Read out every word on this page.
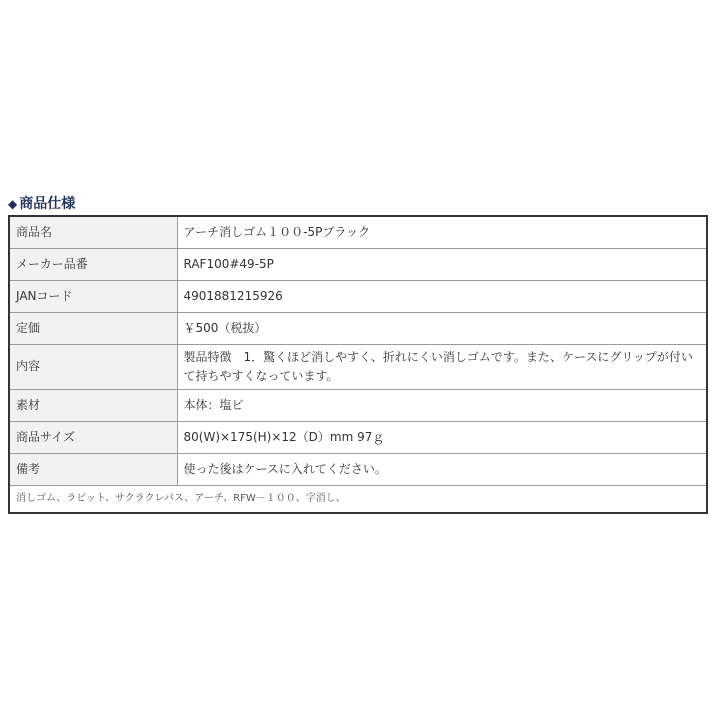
◆ 商品仕様
商品名	アーチ消しゴム１００-5Pブラック
メーカー品番	RAF100#49-5P
JANコード	4901881215926
定価	￥500（税抜）
内容	製品特徴　1．驚くほど消しやすく、折れにくい消しゴムです。また、ケースにグリップが付いて持ちやすくなっています。
素材	本体：塩ビ
商品サイズ	80(W)×175(H)×12（D）mm 97ｇ
備考	使った後はケースに入れてください。
消しゴム、ラビット、サクラクレパス、アーチ、RFW－１００、字消し、	
